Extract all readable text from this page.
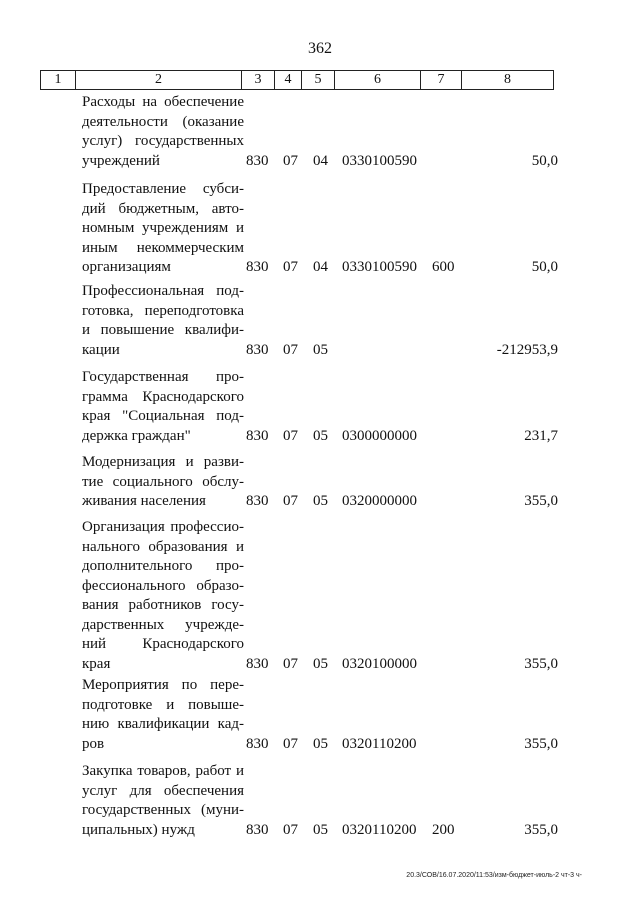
362
1	2	3	4	5	6	7	8
Расходы на обеспечение
деятельности (оказание
услуг) государственных
учреждений	830 07 04 0330100590	50,0
Предоставление субси-
дий бюджетным, авто-
номным учреждениям и
иным некоммерческим
организациям	830 07 04 0330100590 600	50,0
Профессиональная под-
готовка, переподготовка
и повышение квалифи-
кации	830 07 05	-212953,9
Государственная про-
грамма Краснодарского
края "Социальная под-
держка граждан"	830 07 05 0300000000	231,7
Модернизация и разви-
тие социального обслу-
живания населения	830 07 05 0320000000	355,0
Организация профессио-
нального образования и
дополнительного про-
фессионального образо-
вания работников госу-
дарственных учрежде-
ний Краснодарского
края	830 07 05 0320100000	355,0
Мероприятия по пере-
подготовке и повыше-
нию квалификации кад-
ров	830 07 05 0320110200	355,0
Закупка товаров, работ и
услуг для обеспечения
государственных (муни-
ципальных) нужд	830 07 05 0320110200 200	355,0
20.3/СОВ/16.07.2020/11:53/изм-бюджет-июль-2 чт-3 ч-
